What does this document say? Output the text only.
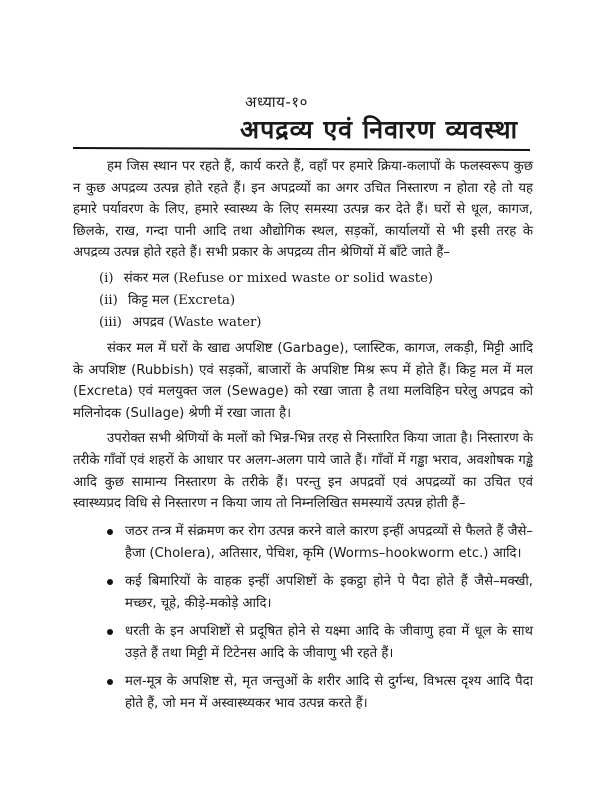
अध्याय-१०
अपद्रव्य एवं निवारण व्यवस्था

हम जिस स्थान पर रहते हैं, कार्य करते हैं, वहाँ पर हमारे क्रिया-कलापों के फलस्वरूप कुछ न कुछ अपद्रव्य उत्पन्न होते रहते हैं। इन अपद्रव्यों का अगर उचित निस्तारण न होता रहे तो यह हमारे पर्यावरण के लिए, हमारे स्वास्थ्य के लिए समस्या उत्पन्न कर देते हैं। घरों से धूल, कागज, छिलके, राख, गन्दा पानी आदि तथा औद्योगिक स्थल, सड़कों, कार्यालयों से भी इसी तरह के अपद्रव्य उत्पन्न होते रहते हैं। सभी प्रकार के अपद्रव्य तीन श्रेणियों में बाँटे जाते हैं–

(i) संकर मल (Refuse or mixed waste or solid waste)
(ii) किट्ट मल (Excreta)
(iii) अपद्रव (Waste water)

संकर मल में घरों के खाद्य अपशिष्ट (Garbage), प्लास्टिक, कागज, लकड़ी, मिट्टी आदि के अपशिष्ट (Rubbish) एवं सड़कों, बाजारों के अपशिष्ट मिश्र रूप में होते हैं। किट्ट मल में मल (Excreta) एवं मलयुक्त जल (Sewage) को रखा जाता है तथा मलविहिन घरेलु अपद्रव को मलिनोदक (Sullage) श्रेणी में रखा जाता है।

उपरोक्त सभी श्रेणियों के मलों को भिन्न-भिन्न तरह से निस्तारित किया जाता है। निस्तारण के तरीके गाँवों एवं शहरों के आधार पर अलग-अलग पाये जाते हैं। गाँवों में गड्ढा भराव, अवशोषक गड्ढे आदि कुछ सामान्य निस्तारण के तरीके हैं। परन्तु इन अपद्रवों एवं अपद्रव्यों का उचित एवं स्वास्थ्यप्रद विधि से निस्तारण न किया जाय तो निम्नलिखित समस्यायें उत्पन्न होती हैं–

जठर तन्त्र में संक्रमण कर रोग उत्पन्न करने वाले कारण इन्हीं अपद्रव्यों से फैलते हैं जैसे–हैजा (Cholera), अतिसार, पेचिश, कृमि (Worms–hookworm etc.) आदि।
कई बिमारियों के वाहक इन्हीं अपशिष्टों के इकट्ठा होने पे पैदा होते हैं जैसे–मक्खी, मच्छर, चूहे, कीड़े-मकोड़े आदि।
धरती के इन अपशिष्टों से प्रदूषित होने से यक्ष्मा आदि के जीवाणु हवा में धूल के साथ उड़ते हैं तथा मिट्टी में टिटेनस आदि के जीवाणु भी रहते हैं।
मल-मूत्र के अपशिष्ट से, मृत जन्तुओं के शरीर आदि से दुर्गन्ध, विभत्स दृश्य आदि पैदा होते हैं, जो मन में अस्वास्थ्यकर भाव उत्पन्न करते हैं।
